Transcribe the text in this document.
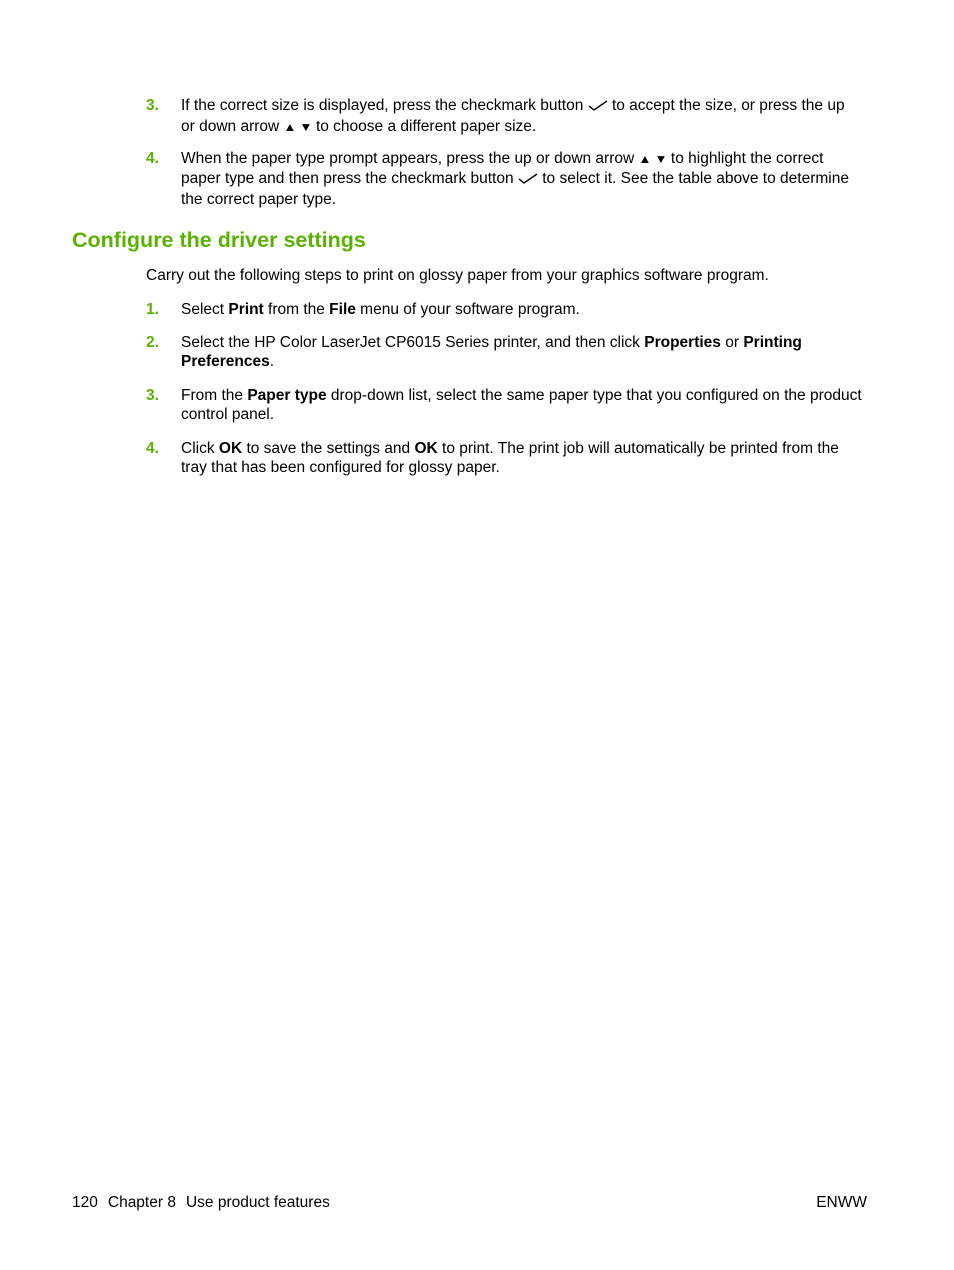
3.	If the correct size is displayed, press the checkmark button to accept the size, or press the up
or down arrow ▲ ▼ to choose a different paper size.
4.	When the paper type prompt appears, press the up or down arrow ▲ ▼ to highlight the correct
paper type and then press the checkmark button to select it. See the table above to determine
the correct paper type.
Configure the driver settings
Carry out the following steps to print on glossy paper from your graphics software program.
1.	Select Print from the File menu of your software program.
2.	Select the HP Color LaserJet CP6015 Series printer, and then click Properties or Printing
Preferences.
3.	From the Paper type drop-down list, select the same paper type that you configured on the product
control panel.
4.	Click OK to save the settings and OK to print. The print job will automatically be printed from the
tray that has been configured for glossy paper.
120 Chapter 8 Use product features	ENWW
